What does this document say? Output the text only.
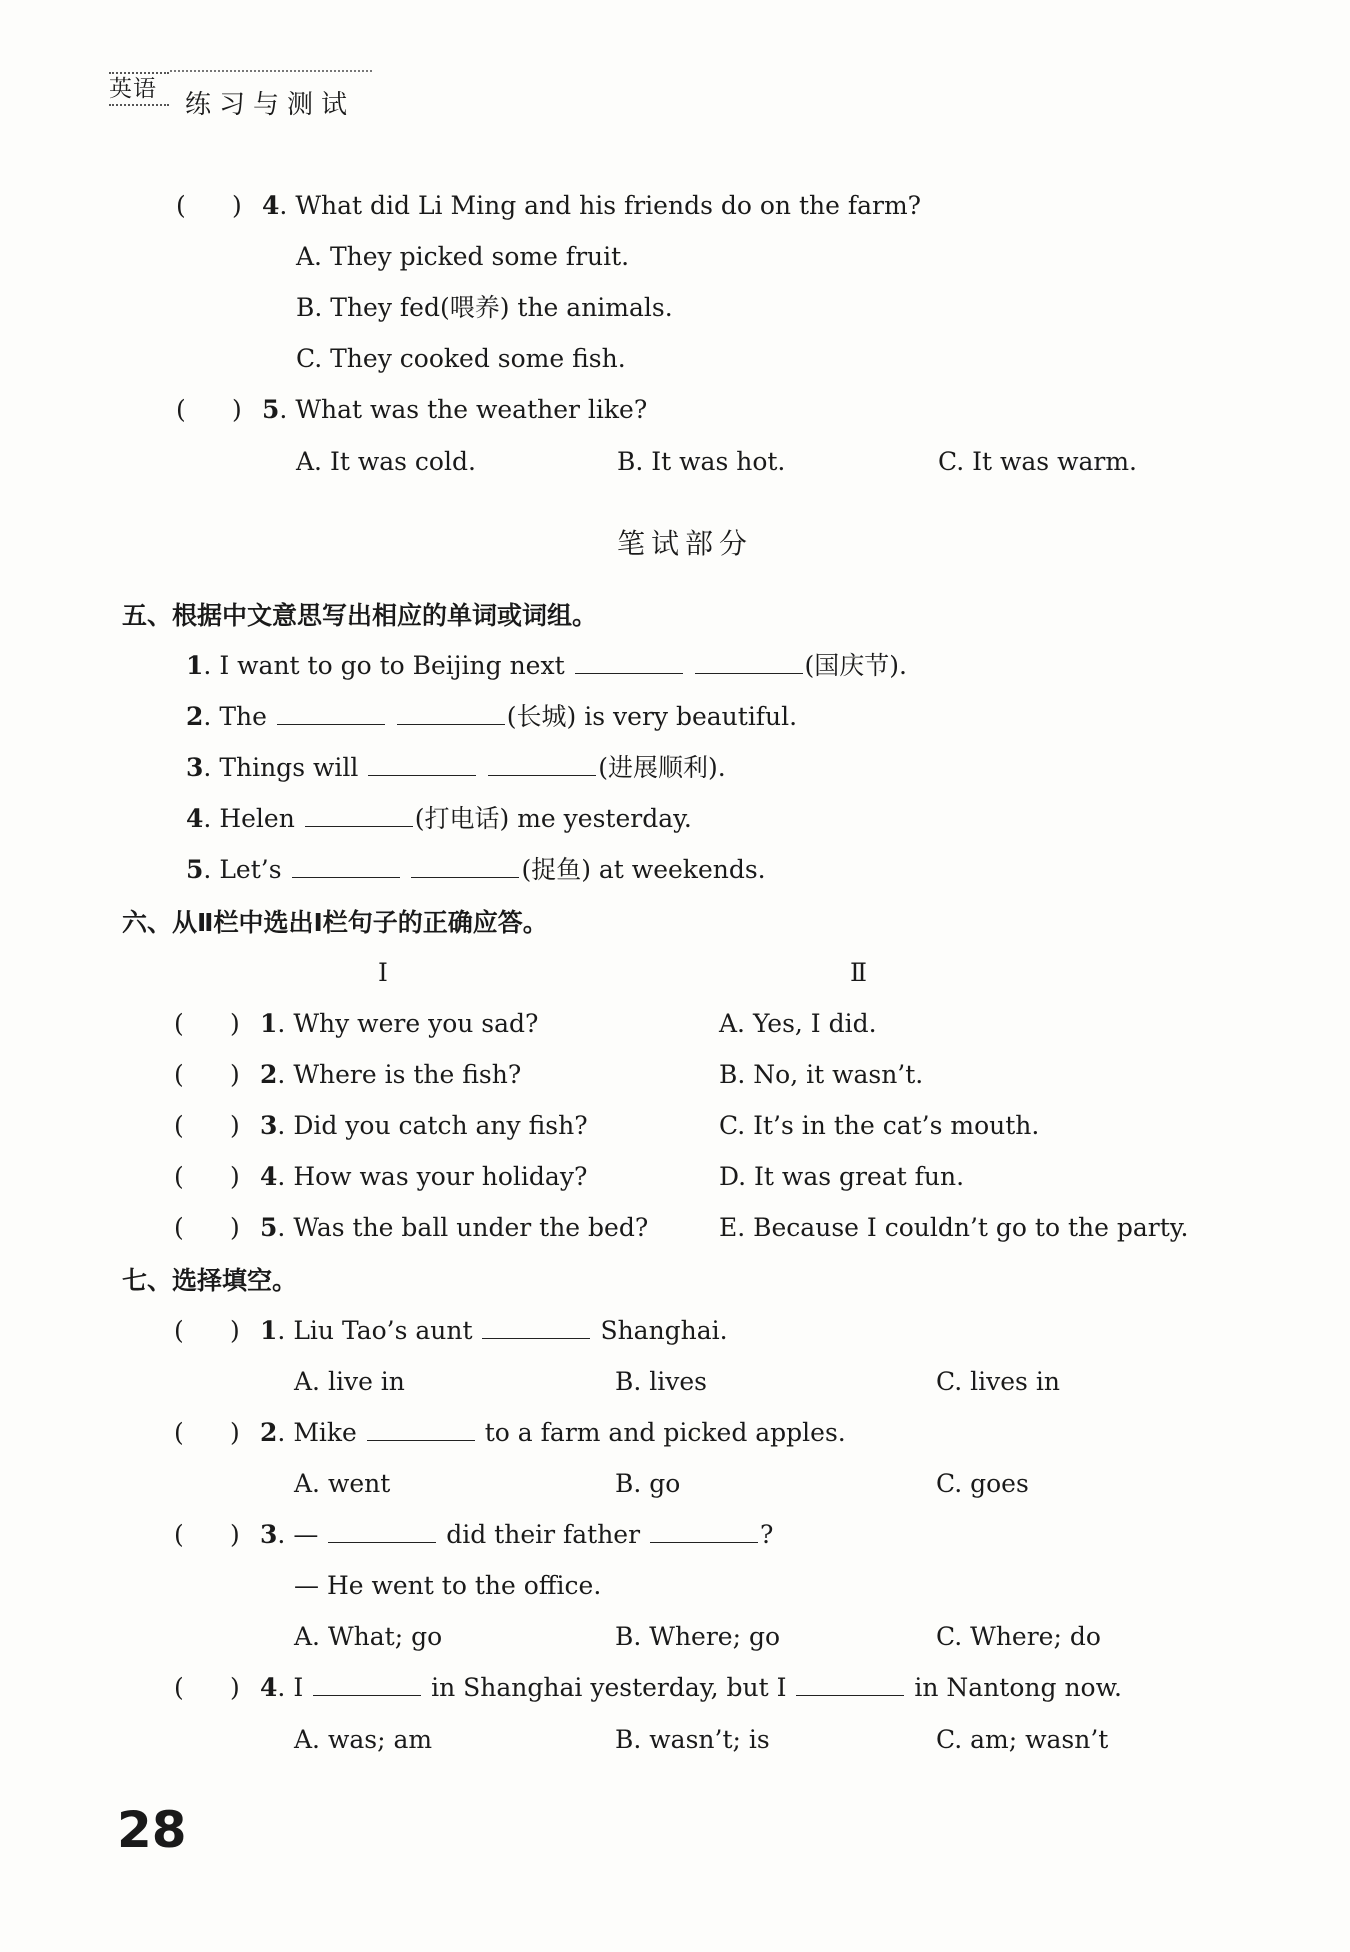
英语
练习与测试
( ) 4. What did Li Ming and his friends do on the farm?
A. They picked some fruit.
B. They fed(喂养) the animals.
C. They cooked some fish.
( ) 5. What was the weather like?
A. It was cold.	B. It was hot.	C. It was warm.
笔试部分
五、根据中文意思写出相应的单词或词组。
1. I want to go to Beijing next	(国庆节).
2. The	(长城) is very beautiful.
3. Things will	(进展顺利).
4. Helen	(打电话) me yesterday.
5. Let’s	(捉鱼) at weekends.
六、从Ⅱ栏中选出Ⅰ栏句子的正确应答。
Ⅰ	Ⅱ
( ) 1. Why were you sad?	A. Yes, I did.
( ) 2. Where is the fish?	B. No, it wasn’t.
( ) 3. Did you catch any fish?	C. It’s in the cat’s mouth.
( ) 4. How was your holiday?	D. It was great fun.
( ) 5. Was the ball under the bed?	E. Because I couldn’t go to the party.
七、选择填空。
( ) 1. Liu Tao’s aunt	Shanghai.
A. live in	B. lives	C. lives in
( ) 2. Mike	to a farm and picked apples.
A. went	B. go	C. goes
( ) 3. —	did their father	?
— He went to the office.
A. What; go	B. Where; go	C. Where; do
( ) 4. I	in Shanghai yesterday, but I	in Nantong now.
A. was; am	B. wasn’t; is	C. am; wasn’t
28
